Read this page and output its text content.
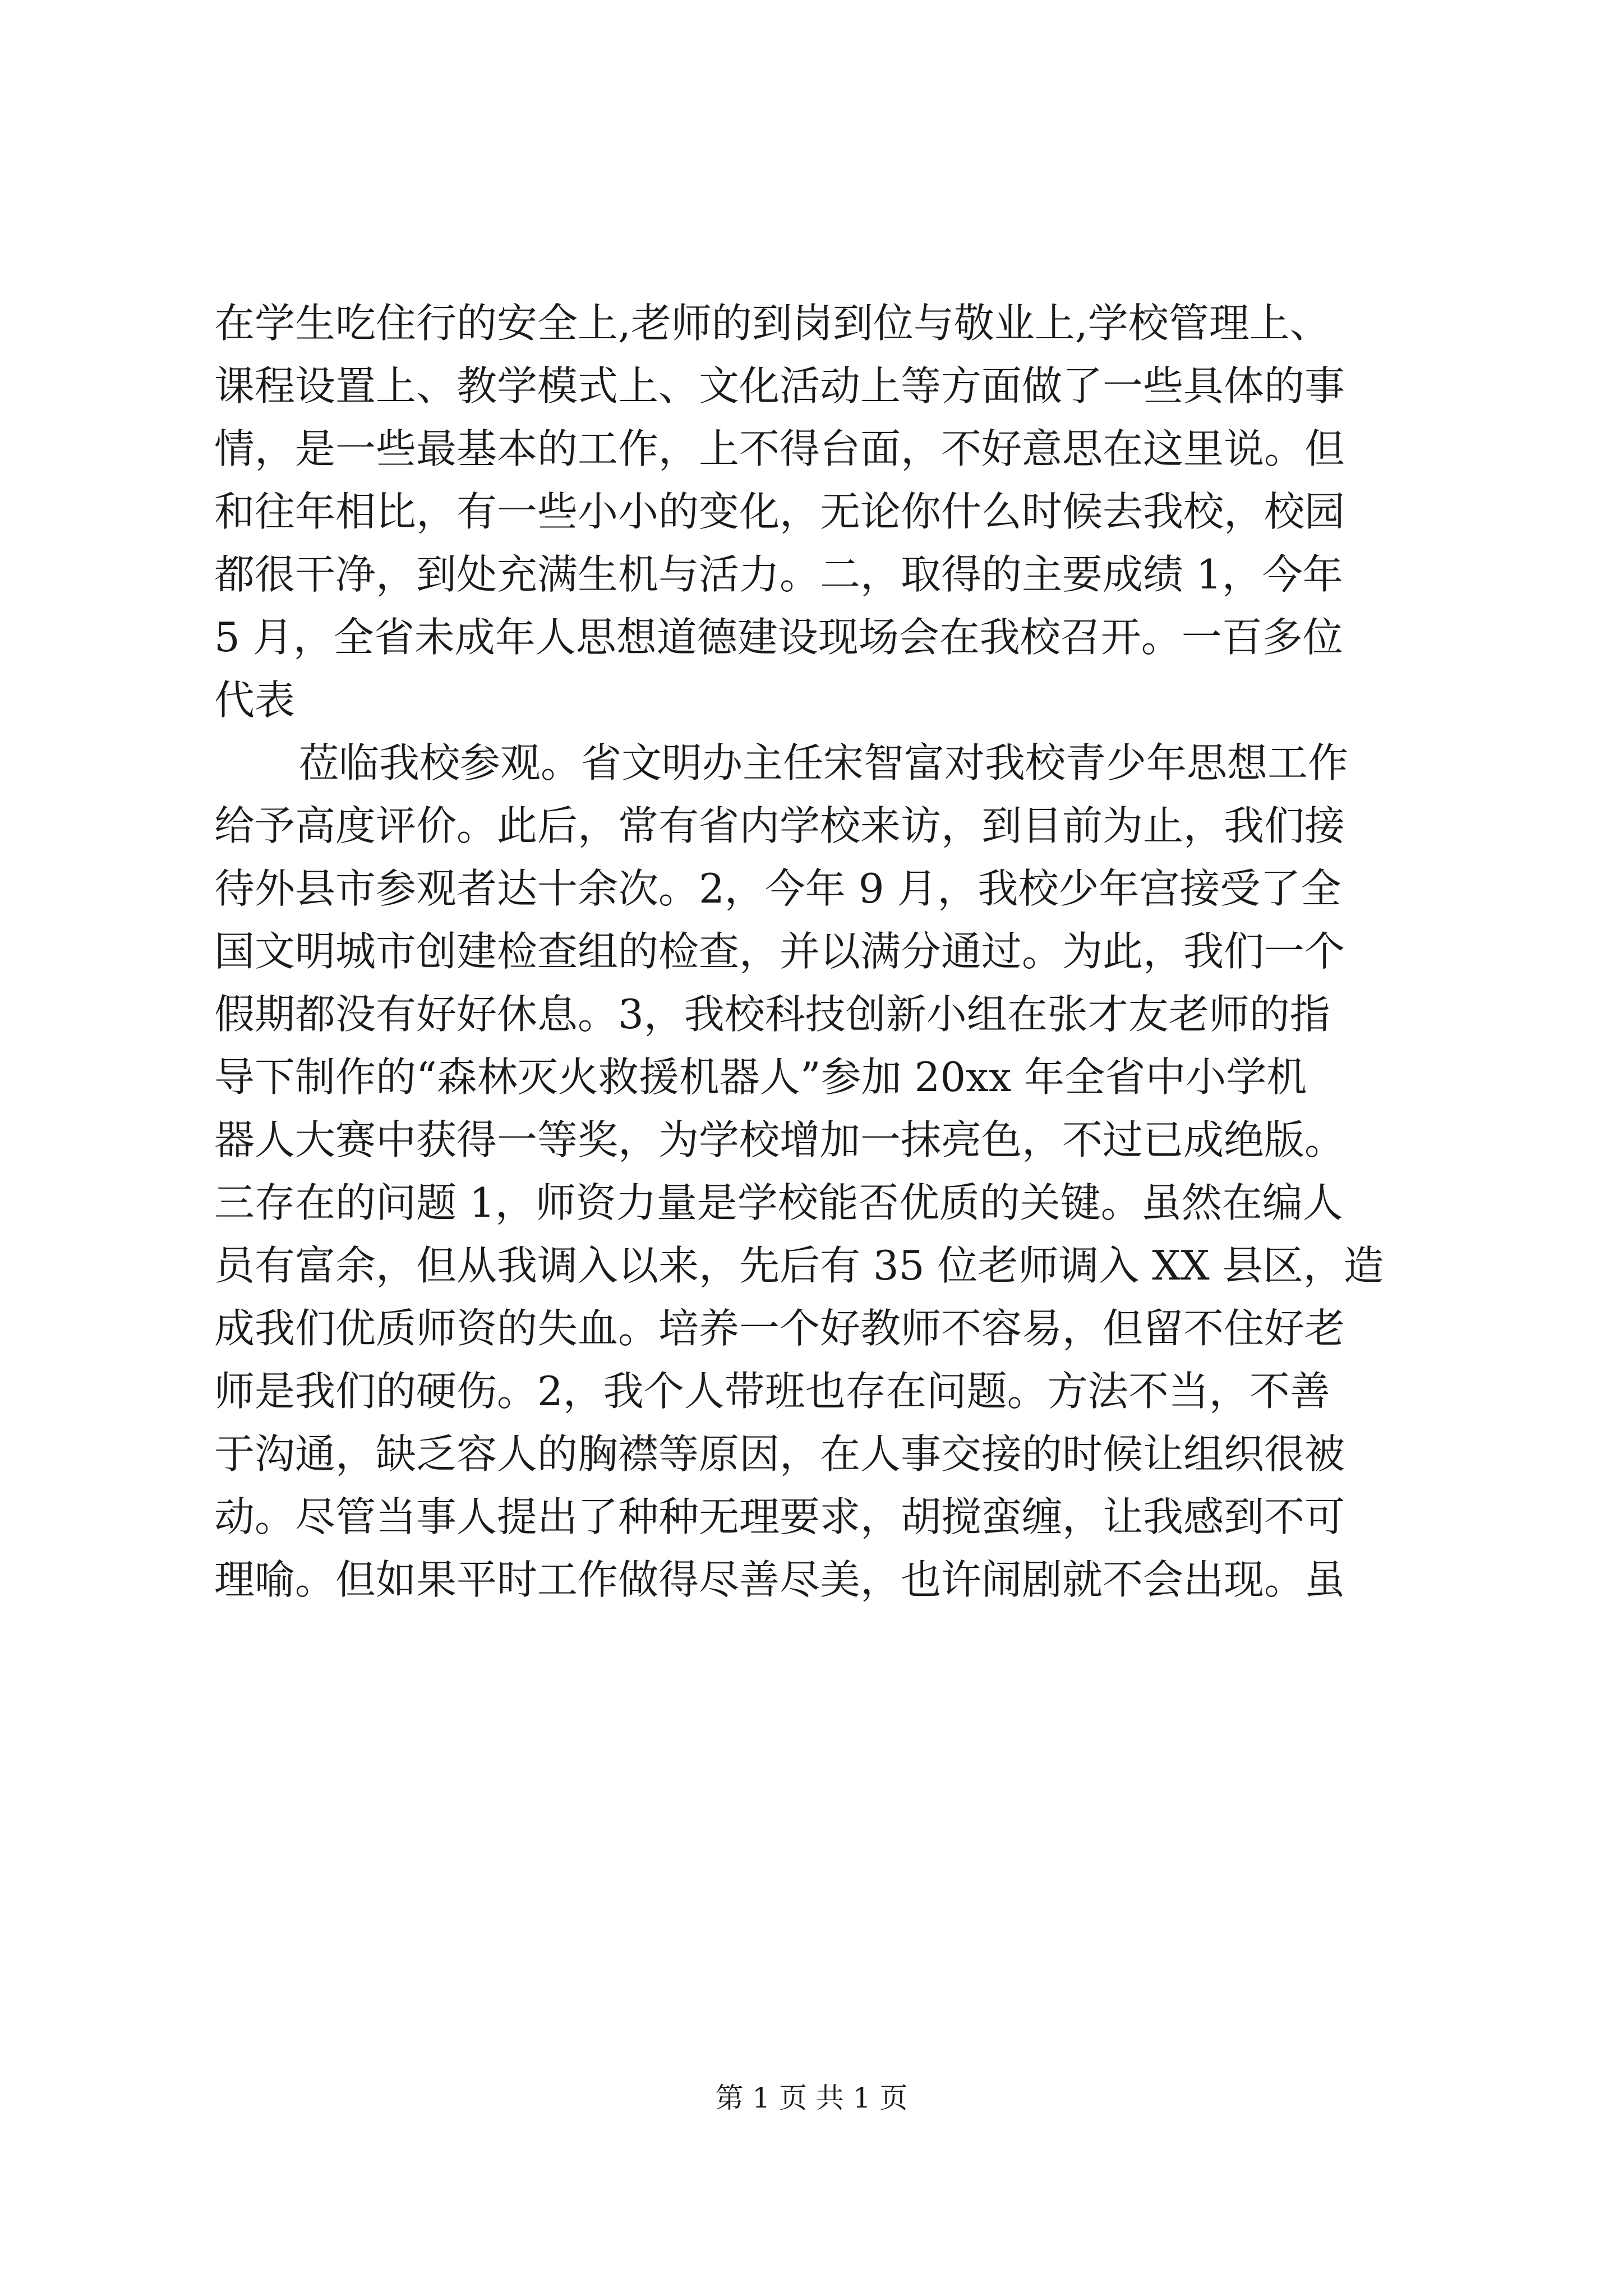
在学生吃住行的安全上,老师的到岗到位与敬业上,学校管理上、
课程设置上、教学模式上、文化活动上等方面做了一些具体的事
情，是一些最基本的工作，上不得台面，不好意思在这里说。但
和往年相比，有一些小小的变化，无论你什么时候去我校，校园
都很干净，到处充满生机与活力。二，取得的主要成绩 1，今年
5 月，全省未成年人思想道德建设现场会在我校召开。一百多位
代表
莅临我校参观。省文明办主任宋智富对我校青少年思想工作
给予高度评价。此后，常有省内学校来访，到目前为止，我们接
待外县市参观者达十余次。2，今年 9 月，我校少年宫接受了全
国文明城市创建检查组的检查，并以满分通过。为此，我们一个
假期都没有好好休息。3，我校科技创新小组在张才友老师的指
导下制作的“森林灭火救援机器人”参加 20xx 年全省中小学机
器人大赛中获得一等奖，为学校增加一抹亮色，不过已成绝版。
三存在的问题 1，师资力量是学校能否优质的关键。虽然在编人
员有富余，但从我调入以来，先后有 35 位老师调入 XX 县区，造
成我们优质师资的失血。培养一个好教师不容易，但留不住好老
师是我们的硬伤。2，我个人带班也存在问题。方法不当，不善
于沟通，缺乏容人的胸襟等原因，在人事交接的时候让组织很被
动。尽管当事人提出了种种无理要求，胡搅蛮缠，让我感到不可
理喻。但如果平时工作做得尽善尽美，也许闹剧就不会出现。虽
第 1 页 共 1 页
